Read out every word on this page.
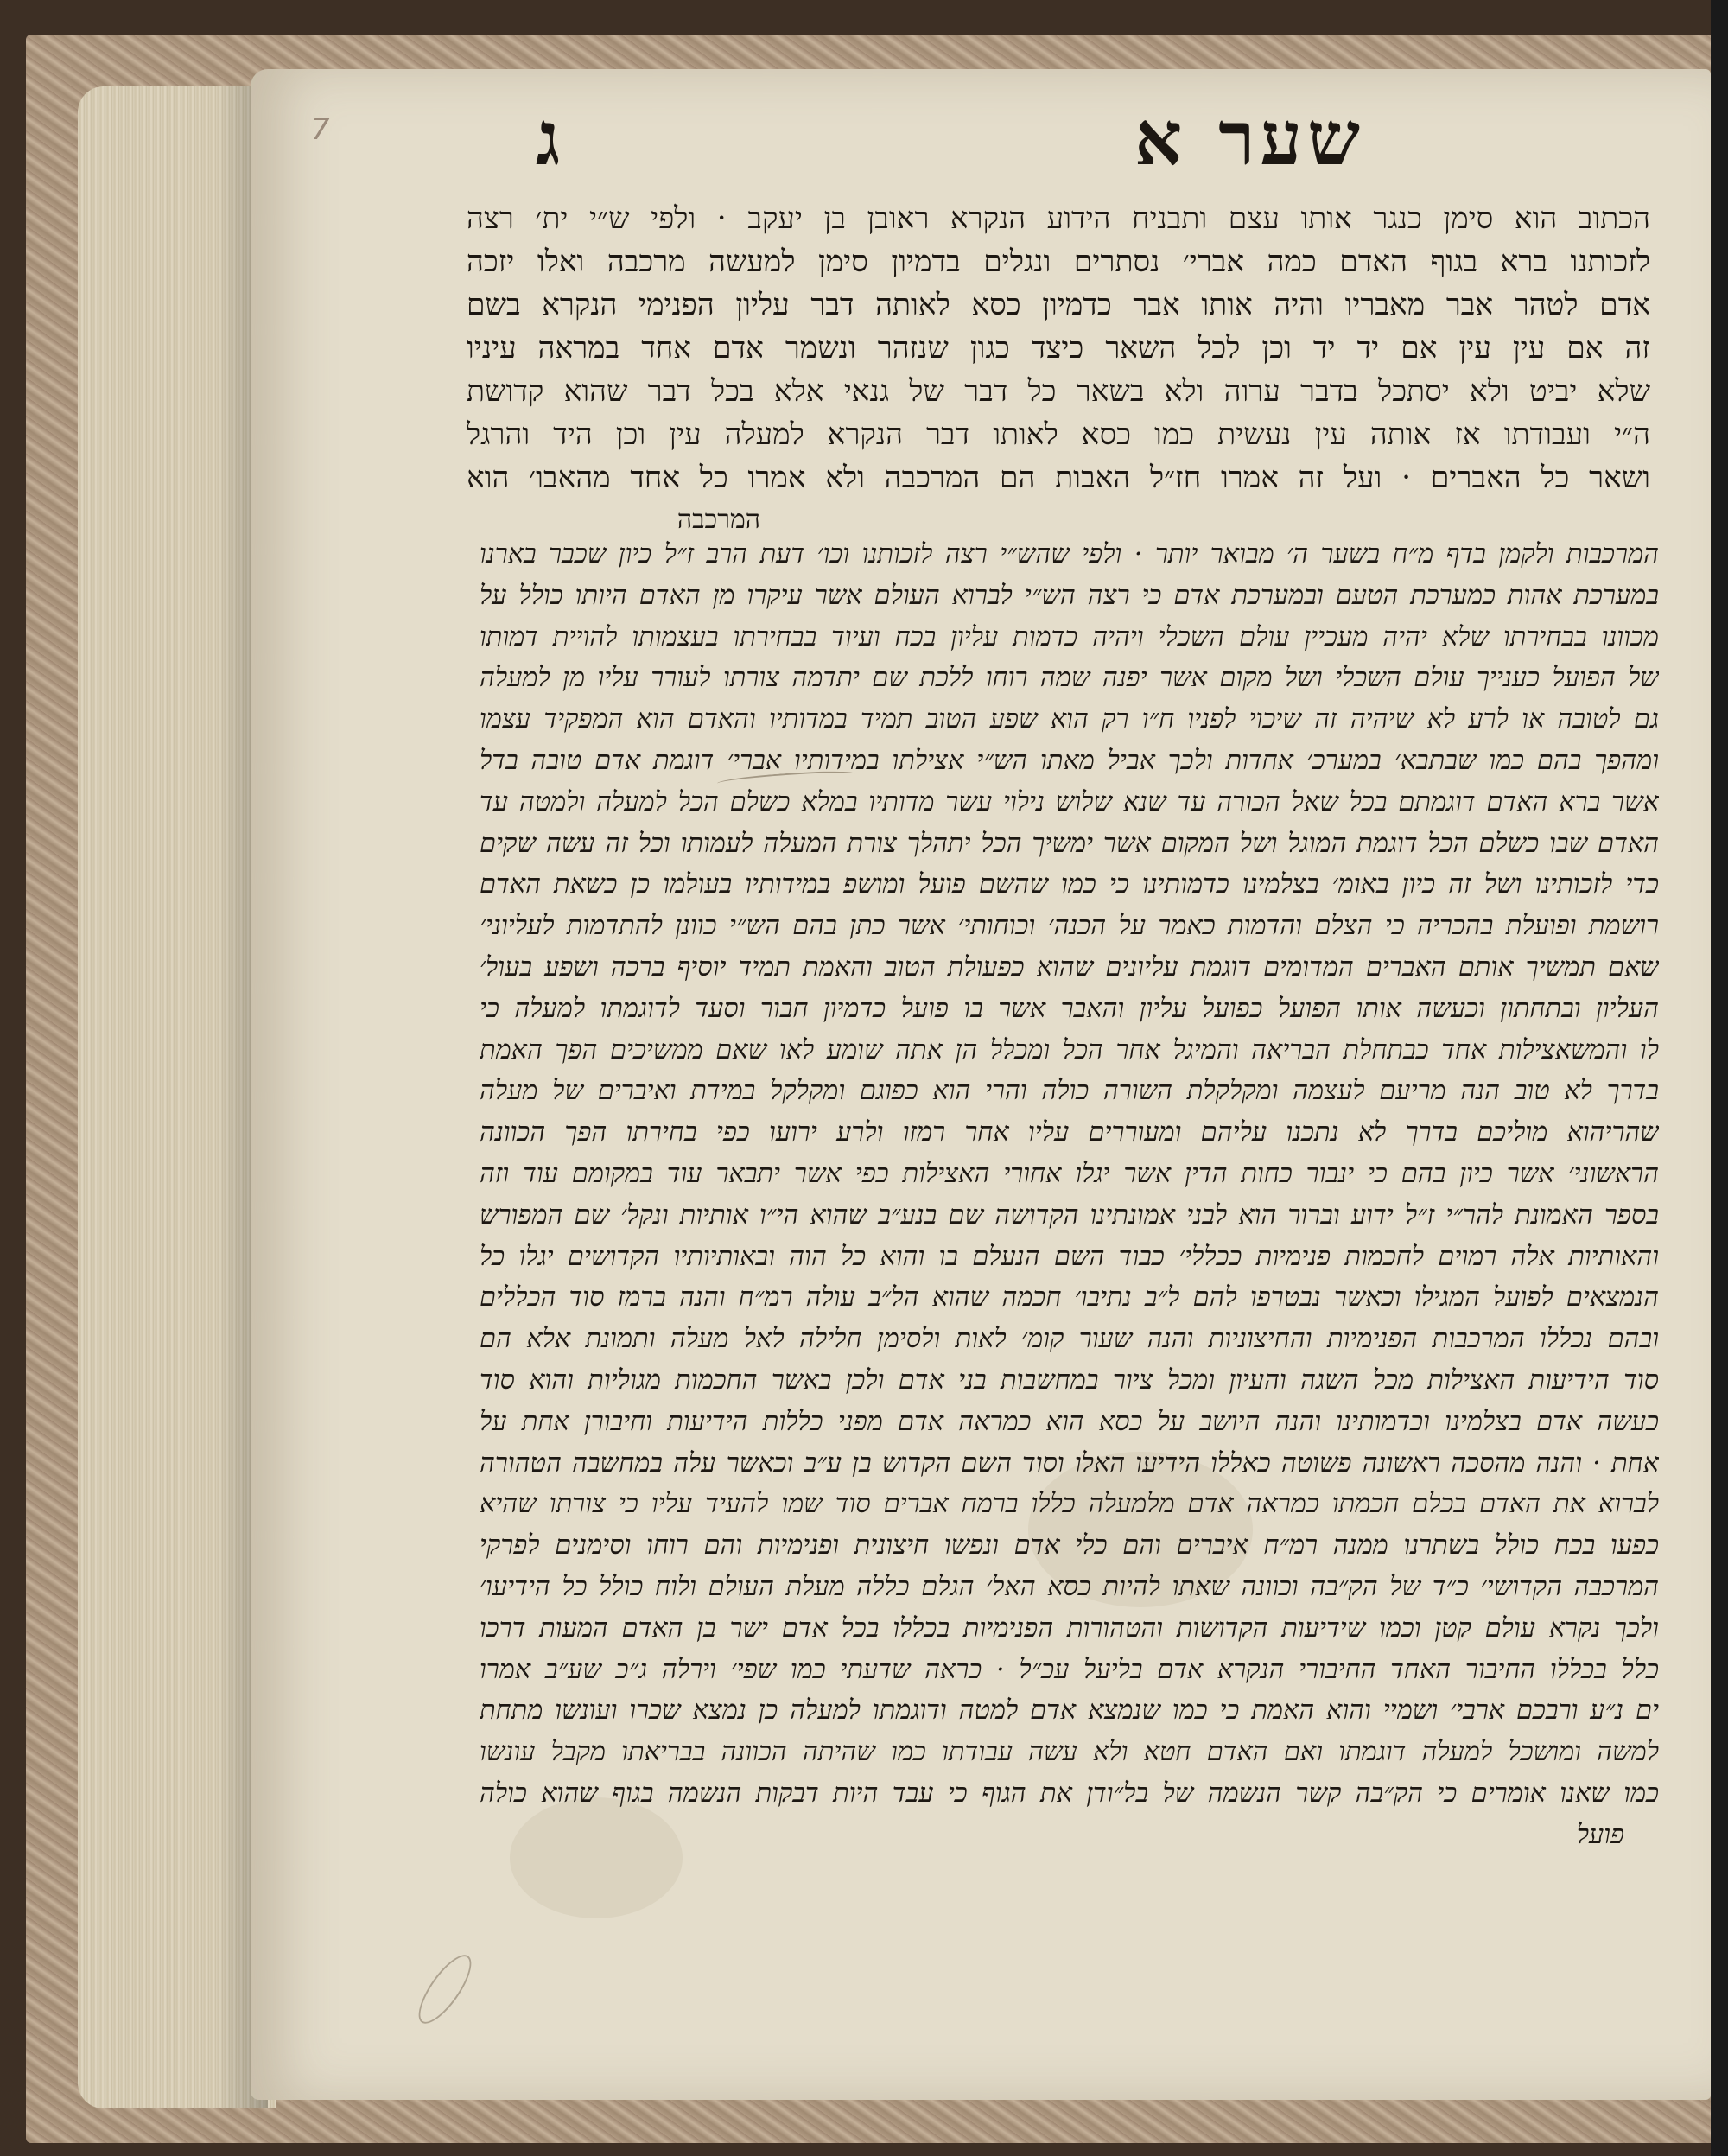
7	שער א
ג
הכתוב הוא סימן כנגר אותו עצם ותבניח הידוע הנקרא ראובן בן יעקב · ולפי ש״י ית׳ רצה
לזכותנו ברא בגוף האדם כמה אברי׳ נסתרים ונגלים בדמיון סימן למעשה מרכבה ואלו יזכה
אדם לטהר אבר מאבריו והיה אותו אבר כדמיון כסא לאותה דבר עליון הפנימי הנקרא בשם
זה אם עין עין אם יד יד וכן לכל השאר כיצד כגון שנזהר ונשמר אדם אחד במראה עיניו
שלא יביט ולא יסתכל בדבר ערוה ולא בשאר כל דבר של גנאי אלא בכל דבר שהוא קדושת
ה״י ועבודתו אז אותה עין נעשית כמו כסא לאותו דבר הנקרא למעלה עין וכן היד והרגל
ושאר כל האברים · ועל זה אמרו חז״ל האבות הם המרכבה ולא אמרו כל אחד מהאבו׳ הוא
המרכבה
המרכבות ולקמן בדף מ״ח בשער ה׳ מבואר יותר · ולפי שהש״י רצה לזכותנו וכו׳ דעת הרב ז״ל כיון שכבר בארנו
במערכת אהות כמערכת הטעם ובמערכת אדם כי רצה הש״י לברוא העולם אשר עיקרו מן האדם היותו כולל על
מכוונו בבחירתו שלא יהיה מעכיין עולם השכלי ויהיה כדמות עליון בכח ועיוד בבחירתו בעצמותו להויית דמותו
של הפועל כענייך עולם השכלי ושל מקום אשר יפנה שמה רוחו ללכת שם יתדמה צורתו לעורר עליו מן למעלה
גם לטובה או לרע לא שיהיה זה שיכוי לפניו ח״ו רק הוא שפע הטוב תמיד במדותיו והאדם הוא המפקיד עצמו
ומהפך בהם כמו שבתבא׳ במערכ׳ אחדות ולכך אביל מאתו הש״י אצילתו במידותיו אברי׳ דוגמת אדם טובה בדל
אשר ברא האדם דוגמתם בכל שאל הכורה עד שנא שלוש נילוי עשר מדותיו במלא כשלם הכל למעלה ולמטה עד
האדם שבו כשלם הכל דוגמת המוגל ושל המקום אשר ימשיך הכל יתהלך צורת המעלה לעמותו וכל זה עשה שקים
כדי לזכותינו ושל זה כיון באומ׳ בצלמינו כדמותינו כי כמו שהשם פועל ומושפ במידותיו בעולמו כן כשאת האדם
רושמת ופועלת בהכריה כי הצלם והדמות כאמר על הכנה׳ וכוחותי׳ אשר כתן בהם הש״י כוונן להתדמות לעליוני׳
שאם תמשיך אותם האברים המדומים דוגמת עליונים שהוא כפעולת הטוב והאמת תמיד יוסיף ברכה ושפע בעול׳
העליון ובתחתון וכעשה אותו הפועל כפועל עליון והאבר אשר בו פועל כדמיון חבור וסעד לדוגמתו למעלה כי
לו והמשאצילות אחד כבתחלת הבריאה והמיגל אחר הכל ומכלל הן אתה שומע לאו שאם ממשיכים הפך האמת
בדרך לא טוב הנה מריעם לעצמה ומקלקלת השורה כולה והרי הוא כפוגם ומקלקל במידת ואיברים של מעלה
שהריהוא מוליכם בדרך לא נתכנו עליהם ומעוררים עליו אחר רמזו ולרע ירועו כפי בחירתו הפך הכוונה
הראשוני׳ אשר כיון בהם כי ינבור כחות הדין אשר יגלו אחורי האצילות כפי אשר יתבאר עוד במקומם עוד וזה
בספר האמונת להר״י ז״ל ידוע וברור הוא לבני אמונתינו הקדושה שם בנע״ב שהוא הי״ו אותיות ונקל׳ שם המפורש
והאותיות אלה רמוים לחכמות פנימיות ככללי׳ כבוד השם הנעלם בו והוא כל הוה ובאותיותיו הקדושים יגלו כל
הנמצאים לפועל המגילו וכאשר נבטרפו להם ל״ב נתיבו׳ חכמה שהוא הל״ב עולה רמ״ח והנה ברמז סוד הכללים
ובהם נכללו המרכבות הפנימיות והחיצוניות והנה שעור קומ׳ לאות ולסימן חלילה לאל מעלה ותמונת אלא הם
סוד הידיעות האצילות מכל השגה והעיון ומכל ציור במחשבות בני אדם ולכן באשר החכמות מגוליות והוא סוד
כעשה אדם בצלמינו וכדמותינו והנה היושב על כסא הוא כמראה אדם מפני כללות הידיעות וחיבורן אחת על
אחת · והנה מהסכה ראשונה פשוטה כאללו הידיעו האלו וסוד השם הקדוש בן ע״ב וכאשר עלה במחשבה הטהורה
לברוא את האדם בכלם חכמתו כמראה אדם מלמעלה כללו ברמח אברים סוד שמו להעיד עליו כי צורתו שהיא
כפעו בכח כולל בשתרנו ממנה רמ״ח איברים והם כלי אדם ונפשו חיצונית ופנימיות והם רוחו וסימנים לפרקי
המרכבה הקדושי׳ כ״ד של הק״בה וכוונה שאתו להיות כסא האל׳ הגלם כללה מעלת העולם ולוח כולל כל הידיעו׳
ולכך נקרא עולם קטן וכמו שידיעות הקדושות והטהורות הפנימיות בכללו בכל אדם ישר בן האדם המעות דרכו
כלל בכללו החיבור האחד החיבורי הנקרא אדם בליעל עכ״ל · כראה שדעתי כמו שפי׳ וירלה ג״כ שע״ב אמרו
ים נ״ע ורבכם ארבי׳ ושמיי והוא האמת כי כמו שנמצא אדם למטה ודוגמתו למעלה כן נמצא שכרו ועונשו מתחת
למשה ומושכל למעלה דוגמתו ואם האדם חטא ולא עשה עבודתו כמו שהיתה הכוונה בבריאתו מקבל עונשו
כמו שאנו אומרים כי הק״בה קשר הנשמה של בל״ודן את הגוף כי עבד היות דבקות הנשמה בגוף שהוא כולה
פועל
